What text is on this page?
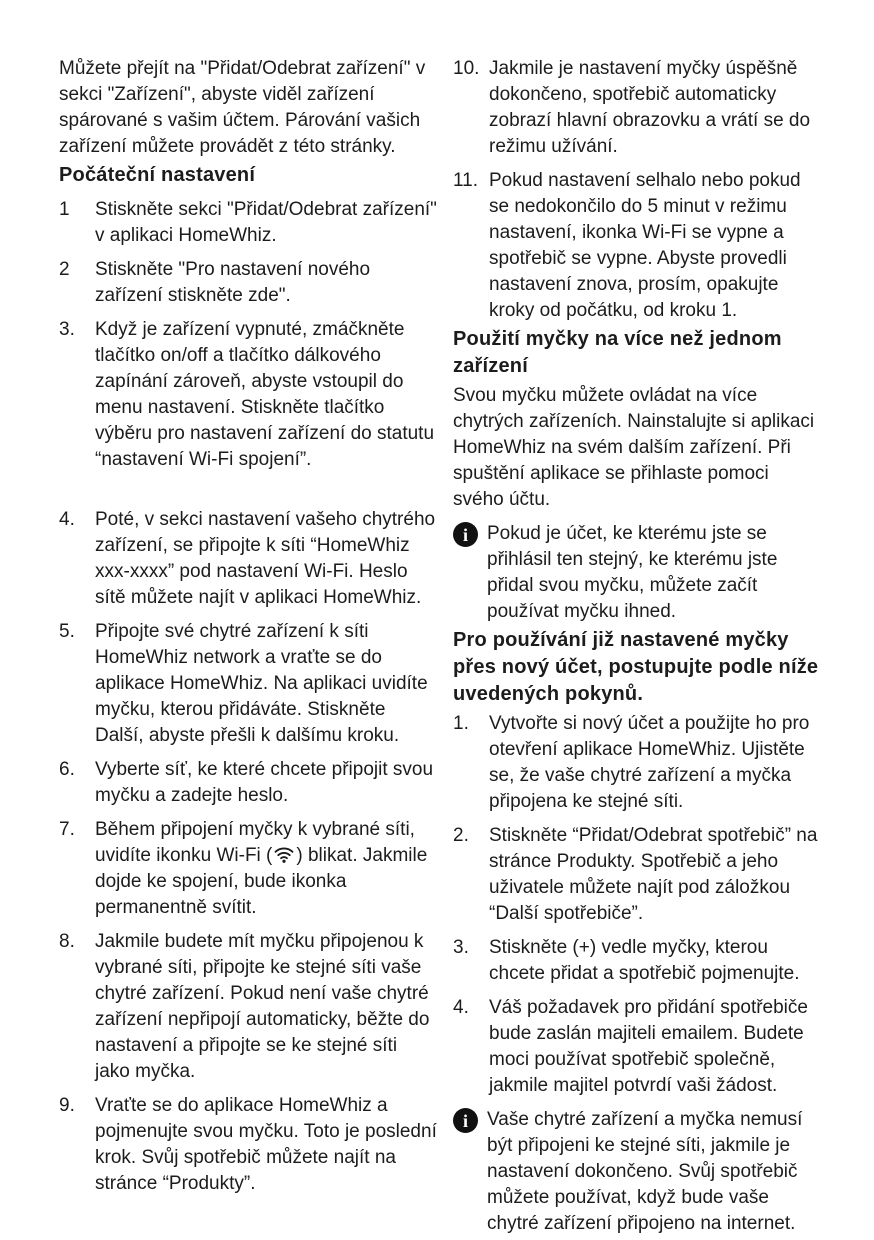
Můžete přejít na "Přidat/Odebrat zařízení" v sekci "Zařízení", abyste viděl zařízení spárované s vašim účtem. Párování vašich zařízení můžete provádět z této stránky.

Počáteční nastavení
1	Stiskněte sekci "Přidat/Odebrat zařízení" v aplikaci HomeWhiz.
2	Stiskněte "Pro nastavení nového zařízení stiskněte zde".
3.	Když je zařízení vypnuté, zmáčkněte tlačítko on/off a tlačítko dálkového zapínání zároveň, abyste vstoupil do menu nastavení. Stiskněte tlačítko výběru pro nastavení zařízení do statutu “nastavení Wi-Fi spojení”.
4.	Poté, v sekci nastavení vašeho chytrého zařízení, se připojte k síti “HomeWhiz xxx-xxxx” pod nastavení Wi-Fi. Heslo sítě můžete najít v aplikaci HomeWhiz.
5.	Připojte své chytré zařízení k síti HomeWhiz network a vraťte se do aplikace HomeWhiz. Na aplikaci uvidíte myčku, kterou přidáváte. Stiskněte Další, abyste přešli k dalšímu kroku.
6.	Vyberte síť, ke které chcete připojit svou myčku a zadejte heslo.
7.	Během připojení myčky k vybrané síti, uvidíte ikonku Wi-Fi ( ) blikat. Jakmile dojde ke spojení, bude ikonka permanentně svítit.
8.	Jakmile budete mít myčku připojenou k vybrané síti, připojte ke stejné síti vaše chytré zařízení. Pokud není vaše chytré zařízení nepřipojí automaticky, běžte do nastavení a připojte se ke stejné síti jako myčka.
9.	Vraťte se do aplikace HomeWhiz a pojmenujte svou myčku. Toto je poslední krok. Svůj spotřebič můžete najít na stránce “Produkty”.
10. Jakmile je nastavení myčky úspěšně dokončeno, spotřebič automaticky zobrazí hlavní obrazovku a vrátí se do režimu užívání.
11. Pokud nastavení selhalo nebo pokud se nedokončilo do 5 minut v režimu nastavení, ikonka Wi-Fi se vypne a spotřebič se vypne. Abyste provedli nastavení znova, prosím, opakujte kroky od počátku, od kroku 1.
Použití myčky na více než jednom zařízení

Svou myčku můžete ovládat na více chytrých zařízeních. Nainstalujte si aplikaci HomeWhiz na svém dalším zařízení. Při spuštění aplikace se přihlaste pomoci svého účtu.

i	Pokud je účet, ke kterému jste se přihlásil ten stejný, ke kterému jste přidal svou myčku, můžete začít používat myčku ihned.
Pro používání již nastavené myčky přes nový účet, postupujte podle níže uvedených pokynů.
1.	Vytvořte si nový účet a použijte ho pro otevření aplikace HomeWhiz. Ujistěte se, že vaše chytré zařízení a myčka připojena ke stejné síti.
2.	Stiskněte “Přidat/Odebrat spotřebič” na stránce Produkty. Spotřebič a jeho uživatele můžete najít pod záložkou “Další spotřebiče”.
3.	Stiskněte (+) vedle myčky, kterou chcete přidat a spotřebič pojmenujte.
4.	Váš požadavek pro přidání spotřebiče bude zaslán majiteli emailem. Budete moci používat spotřebič společně, jakmile majitel potvrdí vaši žádost.
i	Vaše chytré zařízení a myčka nemusí být připojeni ke stejné síti, jakmile je nastavení dokončeno. Svůj spotřebič můžete používat, když bude vaše chytré zařízení připojeno na internet.
